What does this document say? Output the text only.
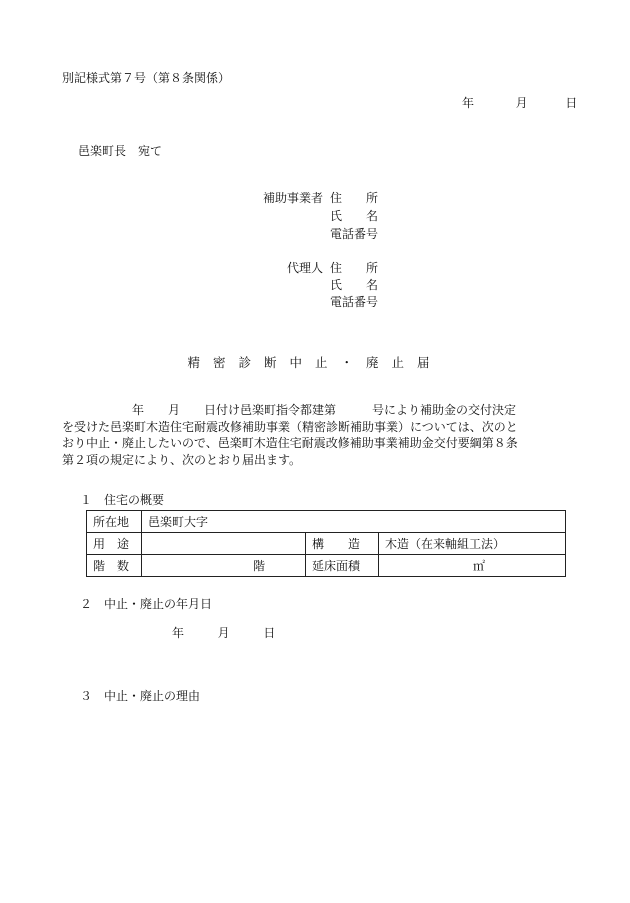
別記様式第７号（第８条関係）
年	月	日
邑楽町長　宛て
補助事業者 住　　所
氏　　名
電話番号
代理人 住　　所
氏　　名
電話番号
精密診断中止・廃止届
年　　月　　日付け邑楽町指令都建第　　　号により補助金の交付決定
を受けた邑楽町木造住宅耐震改修補助事業（精密診断補助事業）については、次のと
おり中止・廃止したいので、邑楽町木造住宅耐震改修補助事業補助金交付要綱第８条
第２項の規定により、次のとおり届出ます。
１　住宅の概要
所在地	邑楽町大字		
用　途		構　　造	木造（在来軸組工法）
階　数	階	延床面積	㎡
２　中止・廃止の年月日
年	月	日
３　中止・廃止の理由
